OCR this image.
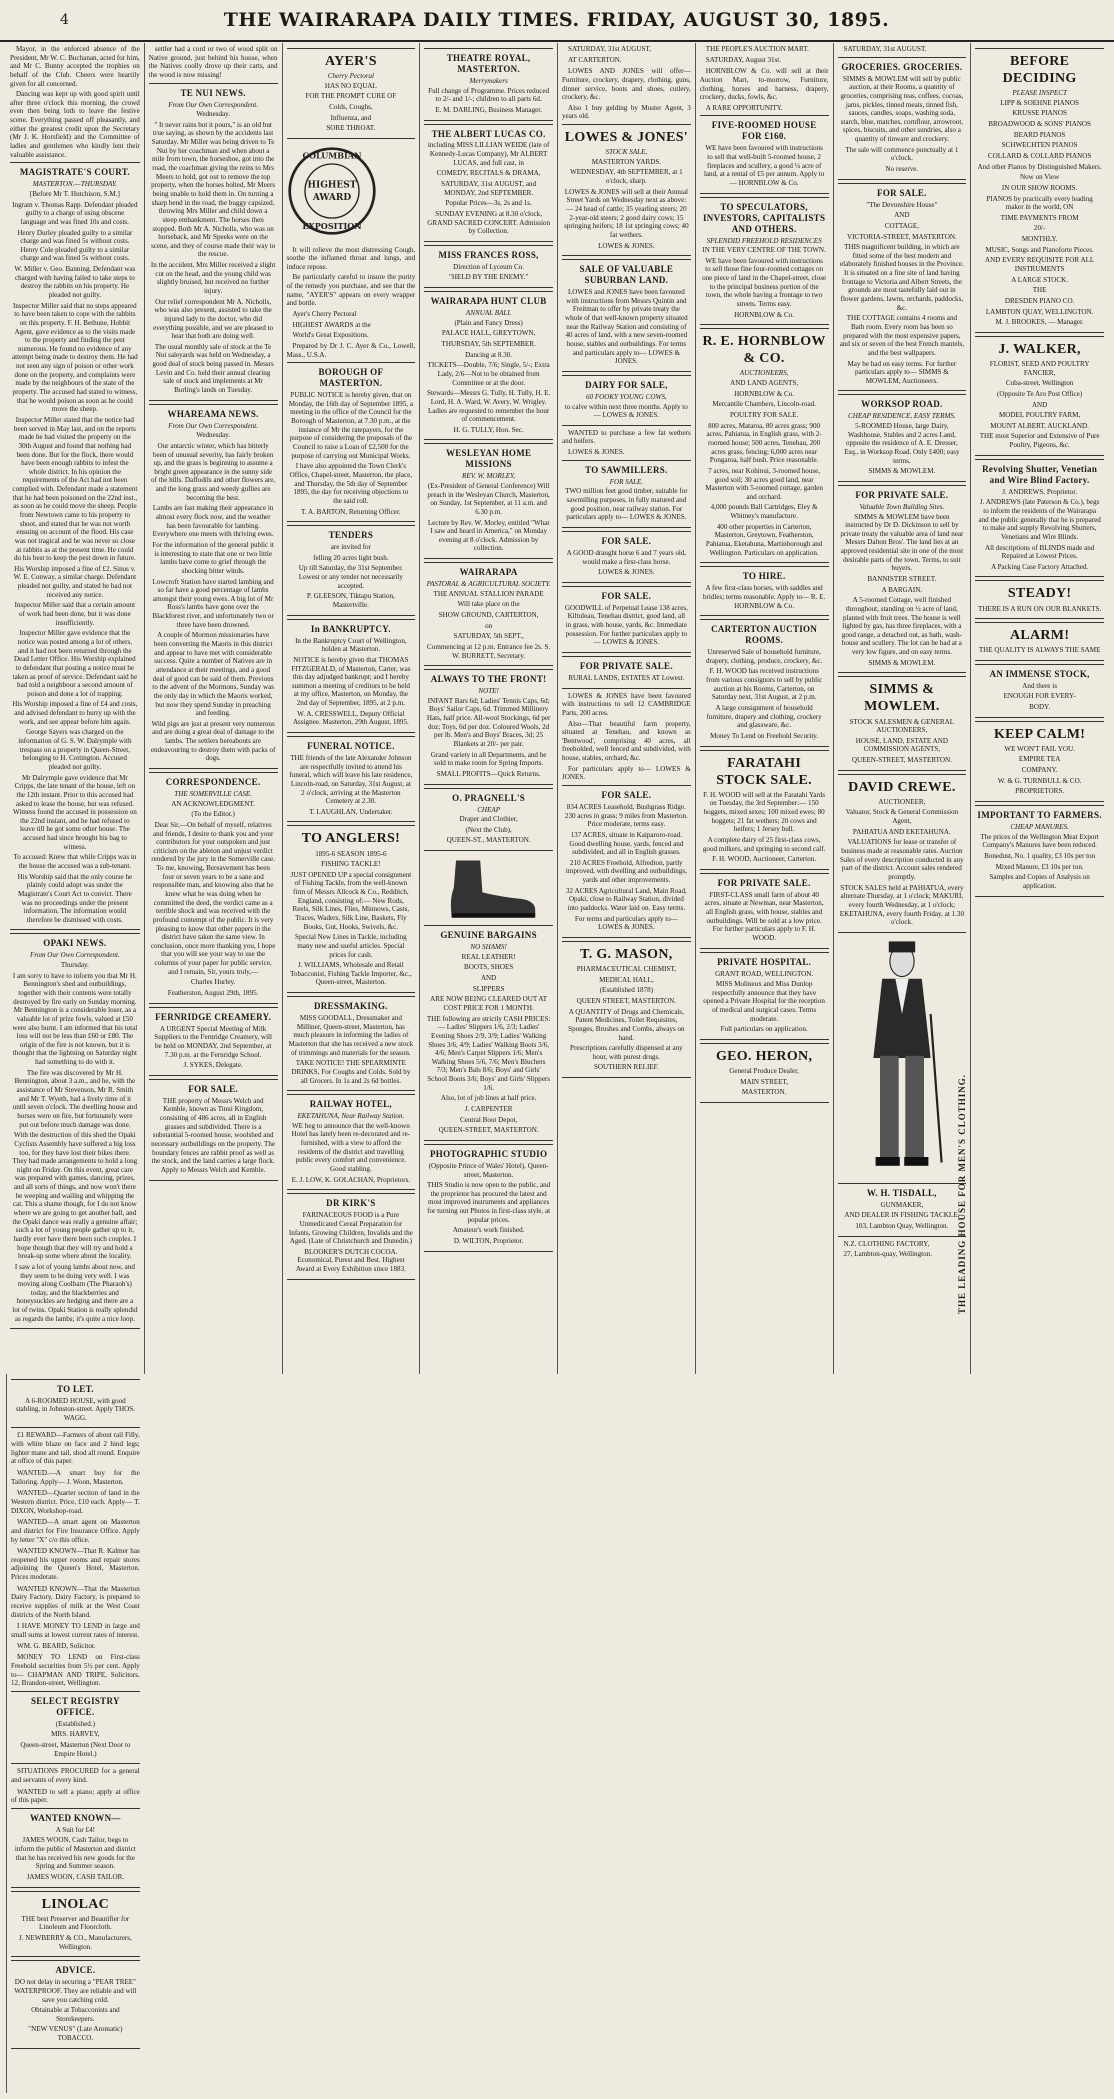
4	THE WAIRARAPA DAILY TIMES. FRIDAY, AUGUST 30, 1895.

Mayor, in the enforced absence of the President, Mr W. C. Buchanan, acted for him, and Mr C. Bunny accepted the trophies on behalf of the Club. Cheers were heartily given for all concerned.

Dancing was kept up with good spirit until after three o'clock this morning, the crowd even then being loth to leave the festive scene. Everything passed off pleasantly, and either the greatest credit upon the Secretary (Mr J. K. Horsfield) and the Committee of ladies and gentlemen who kindly lent their valuable assistance.

MAGISTRATE'S COURT.
MASTERTON.—THURSDAY.

[Before Mr T. Hutchison, S.M.]

Ingram v. Thomas Rapp. Defendant pleaded guilty to a charge of using obscene language and was fined 10s and costs.

Henry Durley pleaded guilty to a similar charge and was fined 5s without costs. Henry Cole pleaded guilty to a similar charge and was fined 5s without costs.

W. Miller v. Geo. Banning. Defendant was charged with having failed to take steps to destroy the rabbits on his property. He pleaded not guilty.

Inspector Miller said that no steps appeared to have been taken to cope with the rabbits on this property. F. H. Bethune, Hobbit Agent, gave evidence as to the visits made to the property and finding the pest numerous. He found no evidence of any attempt being made to destroy them. He had not seen any sign of poison or other work done on the property, and complaints were made by the neighbours of the state of the property. The accused had stated to witness, that he would poison as soon as he could move the sheep.

Inspector Miller stated that the notice had been served in May last, and on the reports made he had visited the property on the 30th August and found that nothing had been done. But for the flock, there would have been enough rabbits to infest the whole district. In his opinion the requirements of the Act had not been complied with. Defendant made a statement that he had been poisoned on the 22nd inst., as soon as he could move the sheep. People from Newtown came to his property to shoot, and stated that he was not worth ensuing on account of the flood. His case was not tragical and he was never so close at rabbits as at the present time. He could do his best to keep the pest down in future.

His Worship imposed a fine of £2. Sinus v. W. E. Conway, a similar charge. Defendant pleaded not guilty, and stated he had not received any notice.

Inspector Miller said that a certain amount of work had been done, but it was done insufficiently.

Inspector Miller gave evidence that the notice was posted among a lot of others, and it had not been returned through the Dead Letter Office. His Worship explained to defendant that posting a notice must be taken as proof of service. Defendant said he had told a neighbour a second amount of poison and done a lot of trapping.

His Worship imposed a fine of £4 and costs, and advised defendant to hurry up with the work, and see appear before him again.

George Sayers was charged on the information of G. S. W. Dalrymple with trespass on a property in Queen-Street, belonging to H. Cottington. Accused pleaded not guilty.

Mr Dalrymple gave evidence that Mr Cripps, the late tenant of the house, left on the 12th instant. Prior to this accused had asked to lease the house, but was refused. Witness found the accused in possession on the 22nd instant, and he had refused to leave till he got some other house. The accused had since brought his bag to witness.

To accused: Knew that while Cripps was in the house the accused was a sub-tenant.

His Worship said that the only course he plainly could adopt was under the Magistrate's Court Act to convict. There was no proceedings under the present information. The information would therefore be dismissed with costs.

OPAKI NEWS.
From Our Own Correspondent.

Thursday.

I am sorry to have to inform you that Mr H. Bennington's shed and outbuildings, together with their contents were totally destroyed by fire early on Sunday morning. Mr Bennington is a considerable loser, as a valuable lot of prize fowls, valued at £50 were also burnt. I am informed that his total loss will not be less than £60 or £80. The origin of the fire is not known, but it is thought that the lightning on Saturday night had something to do with it.

The fire was discovered by Mr H. Bennington, about 3 a.m., and he, with the assistance of Mr Stevenson, Mr R. Smith and Mr T. Wyeth, had a lively time of it until seven o'clock. The dwelling house and horses were on fire, but fortunately were put out before much damage was done.

With the destruction of this shed the Opaki Cyclists Assembly have suffered a big loss too, for they have lost their bikes there. They had made arrangements to hold a long night on Friday. On this event, great care was prepared with games, dancing, prizes, and all sorts of things, and now won't there be weeping and wailing and whipping the cat. This a shame though, for I do not know where we are going to get another hall, and the Opaki dance was really a genuine affair; such a lot of young people gather up to it, hardly ever have there been such couples. I hope though that they will try and hold a break-up some where about the locality.

I saw a lot of young lambs about now, and they seem to be doing very well. I was moving along Coolbarn (The Pharaoh's) today, and the blackberries and honeysuckles are hedging and there are a lot of twins. Opaki Station is really splendid as regards the lambs; it's quite a nice loop.

settler had a cord or two of wood split on Native ground, just behind his house, when the Natives coolly drove up their carts, and the wood is now missing!

TE NUI NEWS.
From Our Own Correspondent.

Wednesday.

" It never rains but it pours," is an old but true saying, as shown by the accidents last Saturday. Mr Miller was being driven to Te Nui by her coachman and when about a mile from town, the horseshoe, got into the road, the coachman giving the reins to Mrs Meers to hold, got out to remove the top property, when the horses bolted, Mr Meers being unable to hold them in. On turning a sharp bend in the road, the buggy capsized, throwing Mrs Miller and child down a steep embankment. The horses then stopped. Both Mr A. Nicholls, who was on horseback, and Mr Speeks were on the scene, and they of course made their way to the rescue.

In the accident, Mrs Miller received a slight cut on the head, and the young child was slightly bruised, but received no further injury.

Our relief correspondent Mr A. Nicholls, who was also present, assisted to take the injured lady to the doctor, who did everything possible, and we are pleased to hear that both are doing well.

The usual monthly sale of stock at the Te Nui saleyards was held on Wednesday, a good deal of stock being passed in. Messrs Levin and Co. held their annual clearing sale of stock and implements at Mr Burling's lands on Tuesday.

WHAREAMA NEWS.
From Our Own Correspondent.

Wednesday.

Our antarctic winter, which has bitterly been of unusual severity, has fairly broken up, and the grass is beginning to assume a bright green appearance in the sunny side of the hills. Daffodils and other flowers are, and the long grass and weedy gullies are becoming the best.

Lambs are fast making their appearance in almost every flock now, and the weather has been favourable for lambing. Everywhere one meets with thriving ewes.

For the information of the general public it is interesting to state that one or two little lambs have come to grief through the shocking bitter winds.

Lowcroft Station have started lambing and so far have a good percentage of lambs amongst their young ewes. A big lot of Mr Ross's lambs have gone over the Blackforest river, and unfortunately two or three have been drowned.

A couple of Mormon missionaries have been converting the Maoris in this district and appear to have met with considerable success. Quite a number of Natives are in attendance at their meetings, and a good deal of good can be said of them. Previous to the advent of the Mormons, Sunday was the only day in which the Maoris worked, but now they spend Sunday in preaching and feeding.

Wild pigs are just at present very numerous and are doing a great deal of damage to the lambs. The settlers hereabouts are endeavouring to destroy them with packs of dogs.

CORRESPONDENCE.
THE SOMERVILLE CASE.

AN ACKNOWLEDGMENT.

(To the Editor.)

Dear Sir,—On behalf of myself, relatives and friends, I desire to thank you and your contributors for your outspoken and just criticism on the ableton and unjust verdict rendered by the jury in the Somerville case. To me, knowing, Bereavement has been four or seven years to be a sane and responsible man, and knowing also that he knew what he was doing when he committed the deed, the verdict came as a terrible shock and was received with the profound contempt of the public. It is very pleasing to know that other papers in the district have taken the same view. In conclusion, once more thanking you, I hope that you will see your way to use the columns of your paper for public service, and I remain, Sir, yours truly,—

Charles Hurley.

Featherston, August 29th, 1895.

FERNRIDGE CREAMERY.

A URGENT Special Meeting of Milk Suppliers to the Fernridge Creamery, will be held on MONDAY, 2nd September, at 7.30 p.m. at the Fernridge School.

J. SYKES, Delegate.

FOR SALE.

THE property of Messrs Welch and Kemble, known as Tinui Kingdom, consisting of 486 acres, all in English grasses and subdivided. There is a substantial 5-roomed house, woolshed and necessary outbuildings on the property. The boundary fences are rabbit proof as well as the stock, and the land carries a large flock. Apply to Messrs Welch and Kemble.

AYER'S
Cherry Pectoral

HAS NO EQUAL

FOR THE PROMPT CURE OF

Colds, Coughs,

Influenza, and

SORE THROAT.

COLUMBIAN
EXPOSITION
HIGHEST
AWARD

It will relieve the most distressing Cough, soothe the inflamed throat and lungs, and induce repose.

Be particularly careful to insure the purity of the remedy you purchase, and see that the name, "AYER'S" appears on every wrapper and bottle.

Ayer's Cherry Pectoral

HIGHEST AWARDS at the

World's Great Expositions.

Prepared by Dr J. C. Ayer & Co., Lowell, Mass., U.S.A.

BOROUGH OF MASTERTON.

PUBLIC NOTICE is hereby given, that on Monday, the 16th day of September 1895, a meeting in the office of the Council for the Borough of Masterton, at 7.30 p.m., at the instance of Mr the ratepayers, for the purpose of considering the proposals of the Council to raise a Loan of £2,500 for the purpose of carrying out Municipal Works.

I have also appointed the Town Clerk's Office, Chapel-street, Masterton, the place, and Thursday, the 5th day of September 1895, the day for receiving objections to the said roll.

T. A. BARTON, Returning Officer.

TENDERS

are invited for

felling 20 acres light bush.

Up till Saturday, the 31st September. Lowest or any tender not necessarily accepted.

P. GLEESON, Tiktapu Station, Mastertville.

In BANKRUPTCY.

In the Bankruptcy Court of Wellington, holden at Masterton.

NOTICE is hereby given that THOMAS FITZGERALD, of Masterton, Carter, was this day adjudged bankrupt; and I hereby summon a meeting of creditors to be held at my office, Masterton, on Monday, the 2nd day of September, 1895, at 2 p.m.

W. A. CRESSWELL, Deputy Official Assignee. Masterton, 29th August, 1895.

FUNERAL NOTICE.

THE friends of the late Alexander Johnson are respectfully invited to attend his funeral, which will leave his late residence, Lincoln-road, on Saturday, 31st August, at 2 o'clock, arriving at the Masterton Cemetery at 2.30.

T. LAUGHLAN, Undertaker.

TO ANGLERS!

1895-6 SEASON 1895-6

FISHING TACKLE!

JUST OPENED UP a special consignment of Fishing Tackle, from the well-known firm of Messrs Allcock & Co., Redditch, England, consisting of:— New Rods, Reels, Silk Lines, Flies, Minnows, Casts, Traces, Waders, Silk Line, Baskets, Fly Books, Gut, Hooks, Swivels, &c.

Special New Lines in Tackle, including many new and useful articles. Special prices for cash.

J. WILLIAMS, Wholesale and Retail Tobacconist, Fishing Tackle Importer, &c., Queen-street, Masterton.

DRESSMAKING.

MISS GOODALL, Dressmaker and Milliner, Queen-street, Masterton, has much pleasure in informing the ladies of Masterton that she has received a new stock of trimmings and materials for the season.

TAKE NOTICE! THE SPEARMINTE DRINKS, For Coughs and Colds. Sold by all Grocers. In 1s and 2s 6d bottles.

RAILWAY HOTEL,
EKETAHUNA, Near Railway Station.

WE beg to announce that the well-known Hotel has lately been re-decorated and re-furnished, with a view to afford the residents of the district and travelling public every comfort and convenience. Good stabling.

E. J. LOW, K. GOLACHAN, Proprietors.

DR KIRK'S

FARINACEOUS FOOD is a Pure Unmedicated Cereal Preparation for Infants, Growing Children, Invalids and the Aged. (Late of Christchurch and Dunedin.)

BLOOKER'S DUTCH COCOA. Economical, Purest and Best. Highest Award at Every Exhibition since 1883.

THEATRE ROYAL, MASTERTON.
Merrymakers

Full change of Programme. Prices reduced to 2/- and 1/-; children to all parts 6d.

E. M. DARLING, Business Manager.

THE ALBERT LUCAS CO.

including MISS LILLIAN WEIDE (late of Kennedy-Lucas Company), Mr ALBERT LUCAS, and full cast, in

COMEDY, RECITALS & DRAMA,

SATURDAY, 31st AUGUST, and MONDAY, 2nd SEPTEMBER.

Popular Prices—3s, 2s and 1s.

SUNDAY EVENING at 8.30 o'clock, GRAND SACRED CONCERT. Admission by Collection.

MISS FRANCES ROSS,

Direction of Lyceum Co.

"HELD BY THE ENEMY."

WAIRARAPA HUNT CLUB
ANNUAL BALL

(Plain and Fancy Dress)

PALACE HALL, GREYTOWN,

THURSDAY, 5th SEPTEMBER.

Dancing at 8.30.

TICKETS—Double, 7/6; Single, 5/-; Extra Lady, 2/6—Not to be obtained from Committee or at the door.

Stewards—Messrs G. Tully, H. Tully, H. E. Lord, H. A. Ward, W. Avery, W. Wrigley. Ladies are requested to remember the hour of commencement.

H. G. TULLY, Hon. Sec.

WESLEYAN HOME MISSIONS
REV. W. MORLEY,

(Ex-President of General Conference) Will preach in the Wesleyan Church, Masterton, on Sunday, 1st September, at 11 a.m. and 6.30 p.m.

Lecture by Rev. W. Morley, entitled "What I saw and heard in America," on Monday evening at 8 o'clock. Admission by collection.

WAIRARAPA
PASTORAL & AGRICULTURAL SOCIETY.

THE ANNUAL STALLION PARADE

Will take place on the

SHOW GROUND, CARTERTON,

on

SATURDAY, 5th SEPT.,

Commencing at 12 p.m. Entrance fee 2s. S. W. BURRETT, Secretary.

ALWAYS TO THE FRONT!
NOTE!

INFANT Bars 6d; Ladies' Tennis Caps, 6d; Boys' Sailor Caps, 6d. Trimmed Millinery Hats, half price. All-wool Stockings, 6d per doz; Toys, 6d per doz. Coloured Wools, 2d per lb. Men's and Boys' Braces, 3d; 25 Blankets at 20/- per pair.

Grand variety in all Departments, and be sold to make room for Spring Imports.

SMALL PROFITS—Quick Returns.

O. PRAGNELL'S
CHEAP

Draper and Clothier,

(Next the Club),

QUEEN-ST., MASTERTON.

GENUINE BARGAINS
NO SHAMS!

REAL LEATHER!

BOOTS, SHOES

AND

SLIPPERS

ARE NOW BEING CLEARED OUT AT COST PRICE FOR 1 MONTH.

THE following are strictly CASH PRICES:— Ladies' Slippers 1/6, 2/3; Ladies' Evening Shoes 2/9, 3/9; Ladies' Walking Shoes 3/6, 4/9; Ladies' Walking Boots 3/6, 4/6; Men's Carpet Slippers 1/6; Men's Walking Shoes 5/6, 7/6; Men's Bluchers 7/3; Men's Bals 8/6; Boys' and Girls' School Boots 3/6; Boys' and Girls' Slippers 1/6.

Also, lot of job lines at half price.

J. CARPENTER

Central Boot Depot,

QUEEN-STREET, MASTERTON.

PHOTOGRAPHIC STUDIO

(Opposite Prince of Wales' Hotel), Queen-street, Masterton.

THIS Studio is now open to the public, and the proprietor has procured the latest and most improved instruments and appliances for turning out Photos in first-class style, at popular prices.

Amateur's work finished.

D. WILTON, Proprietor.

SATURDAY, 31st AUGUST,

AT CARTERTON.

LOWES AND JONES will offer— Furniture, crockery, drapery, clothing, guns, dinner service, boots and shoes, cutlery, crockery, &c.

Also 1 buy gelding by Muster Agent, 3 years old.

LOWES & JONES'
STOCK SALE,

MASTERTON YARDS.

WEDNESDAY, 4th SEPTEMBER, at 1 o'clock, sharp.

LOWES & JONES will sell at their Annual Street Yards on Wednesday next as above:— 24 head of cattle; 35 yearling steers; 20 2-year-old steers; 2 good dairy cows; 15 springing heifers; 18 1st springing cows; 40 fat wethers.

LOWES & JONES.

SALE OF VALUABLE SUBURBAN LAND.

LOWES and JONES have been favoured with instructions from Messrs Quintin and Freitman to offer by private treaty the whole of that well-known property situated near the Railway Station and consisting of 40 acres of land, with a new seven-roomed house, stables and outbuildings. For terms and particulars apply to— LOWES & JONES.

DAIRY FOR SALE,
60 FOOKY YOUNG COWS,

to calve within next three months. Apply to— LOWES & JONES.

WANTED to purchase a few fat wethers and heifers.

LOWES & JONES.

TO SAWMILLERS.
FOR SALE.

TWO million feet good timber, suitable for sawmilling purposes, in fully matured and good position, near railway station. For particulars apply to— LOWES & JONES.

FOR SALE.

A GOOD draught horse 6 and 7 years old, would make a first-class horse.

LOWES & JONES.

FOR SALE.

GOODWILL of Perpetual Lease 138 acres, Kiltuleau, Tenehau district, good land, all in grass, with house, yards, &c. Immediate possession. For further particulars apply to— LOWES & JONES.

FOR PRIVATE SALE.

RURAL LANDS, ESTATES AT Lowest.

LOWES & JONES have been favoured with instructions to sell 12 CAMBRIDGE Parts, 200 acres.

Also—That beautiful farm property, situated at Tenehau, and known as 'Bentwood', comprising 40 acres, all freeholded, well fenced and subdivided, with house, stables, orchard, &c.

For particulars apply to— LOWES & JONES.

FOR SALE.

834 ACRES Leasehold, Bushgrass Ridge. 230 acres in grass; 9 miles from Masterton. Price moderate, terms easy.

137 ACRES, situate in Kaiparoro-road. Good dwelling house, yards, fenced and subdivided, and all in English grasses.

210 ACRES Freehold, Alfredton, partly improved, with dwelling and outbuildings, yards and other improvements.

32 ACRES Agricultural Land, Main Road, Opaki, close to Railway Station, divided into paddocks. Water laid on. Easy terms.

For terms and particulars apply to— LOWES & JONES.

T. G. MASON,

PHARMACEUTICAL CHEMIST,

MEDICAL HALL,

(Established 1878)

QUEEN STREET, MASTERTON.

A QUANTITY of Drugs and Chemicals, Patent Medicines, Toilet Requisites, Sponges, Brushes and Combs, always on hand.

Prescriptions carefully dispensed at any hour, with purest drugs.

SOUTHERN RELIEF.

THE PEOPLE'S AUCTION MART.

SATURDAY, August 31st.

HORNBLOW & Co. will sell at their Auction Mart, to-morrow, Furniture, clothing, horses and harness, drapery, crockery, ducks, fowls, &c.

A RARE OPPORTUNITY.

FIVE-ROOMED HOUSE FOR £160.

WE have been favoured with instructions to sell that well-built 5-roomed house, 2 fireplaces and scullery, a good ¼ acre of land, at a rental of £5 per annum. Apply to— HORNBLOW & Co.

TO SPECULATORS, INVESTORS, CAPITALISTS AND OTHERS.
SPLENDID FREEHOLD RESIDENCES

IN THE VERY CENTRE OF THE TOWN.

WE have been favoured with instructions to sell those fine four-roomed cottages on one piece of land in the Chapel-street, close to the principal business portion of the town, the whole having a frontage to two streets. Terms easy.

HORNBLOW & Co.

R. E. HORNBLOW & CO.
AUCTIONEERS,

AND LAND AGENTS,

HORNBLOW & Co.

Mercantile Chambers, Lincoln-road.

POULTRY FOR SALE.

800 acres, Mataroa, 80 acres grass; 900 acres, Pahiatua, in English grass, with 2-roomed house; 500 acres, Tenehau, 200 acres grass, fencing; 6,000 acres near Pongaroa, half bush. Price reasonable.

7 acres, near Kohinui, 3-roomed house, good soil; 30 acres good land, near Masterton with 5-roomed cottage, garden and orchard.

4,000 pounds Ball Cartridges, Eley & Whitney's manufacture.

400 other properties in Carterton, Masterton, Greytown, Featherston, Pahiatua, Eketahuna, Martinborough and Wellington. Particulars on application.

TO HIRE.

A few first-class horses, with saddles and bridles; terms reasonable. Apply to— R. E. HORNBLOW & Co.

CARTERTON AUCTION ROOMS.

Unreserved Sale of household furniture, drapery, clothing, produce, crockery, &c.

F. H. WOOD has received instructions from various consignors to sell by public auction at his Rooms, Carterton, on Saturday next, 31st August, at 2 p.m.

A large consignment of household furniture, drapery and clothing, crockery and glassware, &c.

Money To Lend on Freehold Security.

FARATAHI STOCK SALE.

F. H. WOOD will sell at the Faratahi Yards on Tuesday, the 3rd September:— 150 hoggets, mixed sexes; 100 mixed ewes; 80 hoggets; 21 fat wethers; 20 cows and heifers; 1 Jersey bull.

A complete dairy of 25 first-class cows, good milkers, and springing to second calf.

F. H. WOOD, Auctioneer, Carterton.

FOR PRIVATE SALE.

FIRST-CLASS small farm of about 40 acres, situate at Newman, near Masterton, all English grass, with house, stables and outbuildings. Will be sold at a low price. For further particulars apply to F. H. WOOD.

PRIVATE HOSPITAL.

GRANT ROAD, WELLINGTON.

MISS Molineux and Miss Dunlop respectfully announce that they have opened a Private Hospital for the reception of medical and surgical cases. Terms moderate.

Full particulars on application.

GEO. HERON,

General Produce Dealer,

MAIN STREET,

MASTERTON.

SATURDAY, 31st AUGUST.

GROCERIES. GROCERIES.

SIMMS & MOWLEM will sell by public auction, at their Rooms, a quantity of groceries, comprising teas, coffees, cocoas, jams, pickles, tinned meats, tinned fish, sauces, candles, soaps, washing soda, starch, blue, matches, cornflour, arrowroot, spices, biscuits, and other sundries, also a quantity of tinware and crockery.

The sale will commence punctually at 1 o'clock.

No reserve.

FOR SALE.

"The Devonshire House"

AND

COTTAGE,

VICTORIA-STREET, MASTERTON.

THIS magnificent building, in which are fitted some of the best modern and elaborately finished houses in the Province. It is situated on a fine site of land having frontage to Victoria and Albert Streets, the grounds are most tastefully laid out in flower gardens, lawns, orchards, paddocks, &c.

THE COTTAGE contains 4 rooms and Bath room. Every room has been so prepared with the most expensive papers, and six or seven of the best French mantels, and the best wallpapers.

May be had on easy terms. For further particulars apply to— SIMMS & MOWLEM, Auctioneers.

WORKSOP ROAD.
CHEAP RESIDENCE, EASY TERMS.

5-ROOMED House, large Dairy, Washhouse, Stables and 2 acres Land, opposite the residence of A. E. Dresser, Esq., in Worksop Road. Only £400; easy terms.

SIMMS & MOWLEM.

FOR PRIVATE SALE.
Valuable Town Building Sites.

SIMMS & MOWLEM have been instructed by Dr D. Dickinson to sell by private treaty the valuable area of land near Messrs Dalton Bros'. The land lies at an approved residential site in one of the most desirable parts of the town. Terms, to suit buyers.

BANNISTER STREET.

A BARGAIN.

A 5-roomed Cottage, well finished throughout, standing on ½ acre of land, planted with fruit trees. The house is well lighted by gas, has three fireplaces, with a good range, a detached out, as bath, wash-house and scullery. The lot can be had at a very low figure, and on easy terms.

SIMMS & MOWLEM.

SIMMS & MOWLEM.

STOCK SALESMEN & GENERAL AUCTIONEERS,

HOUSE, LAND, ESTATE AND COMMISSION AGENTS,

QUEEN-STREET, MASTERTON.

DAVID CREWE.

AUCTIONEER,

Valuator, Stock & General Commission Agent,

PAHIATUA AND EKETAHUNA.

VALUATIONS for lease or transfer of business made at reasonable rates. Auction Sales of every description conducted in any part of the district. Account sales rendered promptly.

STOCK SALES held at PAHIATUA, every alternate Thursday, at 1 o'clock; MAKURI, every fourth Wednesday, at 1 o'clock; EKETAHUNA, every fourth Friday, at 1.30 o'clock.

W. H. TISDALL,

GUNMAKER,

AND DEALER IN FISHING TACKLE,

103, Lambton Quay, Wellington.

N.Z. CLOTHING FACTORY,

27, Lambton-quay, Wellington.	THE LEADING HOUSE FOR MEN'S CLOTHING.
BEFORE DECIDING
PLEASE INSPECT

LIPP & SOEHNE PIANOS

KRUSSE PIANOS

BROADWOOD & SONS' PIANOS

BEARD PIANOS

SCHWECHTEN PIANOS

COLLARD & COLLARD PIANOS

And other Pianos by Distinguished Makers.

Now on View

IN OUR SHOW ROOMS.

PIANOS by practically every leading maker in the world, ON

TIME PAYMENTS FROM

20/-

MONTHLY.

MUSIC, Songs and Pianoforte Pieces.

AND EVERY REQUISITE FOR ALL INSTRUMENTS

A LARGE STOCK.

THE

DRESDEN PIANO CO.

LAMBTON QUAY, WELLINGTON.

M. J. BROOKES, — Manager.

J. WALKER,

FLORIST, SEED AND POULTRY FANCIER,

Cuba-street, Wellington

(Opposite Te Aro Post Office)

AND

MODEL POULTRY FARM,

MOUNT ALBERT, AUCKLAND.

THE most Superior and Extensive of Pure Poultry, Pigeons, &c.

Revolving Shutter, Venetian and Wire Blind Factory.

J. ANDREWS, Proprietor.

J. ANDREWS (late Paterson & Co.), begs to inform the residents of the Wairarapa and the public generally that he is prepared to make and supply Revolving Shutters, Venetians and Wire Blinds.

All descriptions of BLINDS made and Repaired at Lowest Prices.

A Packing Case Factory Attached.

STEADY!

THERE IS A RUN ON OUR BLANKETS.

ALARM!

THE QUALITY IS ALWAYS THE SAME

AN IMMENSE STOCK,

And there is

ENOUGH FOR EVERY-

BODY.

KEEP CALM!

WE WON'T FAIL YOU.

EMPIRE TEA

COMPANY.

W. & G. TURNBULL & CO.

PROPRIETORS.

IMPORTANT TO FARMERS.
CHEAP MANURES.

The prices of the Wellington Meat Export Company's Manures have been reduced.

Bonedust, No. 1 quality, £3 10s per ton

Mixed Manure, £3 10s per ton.

Samples and Copies of Analysis on application.

TO LET.

A 6-ROOMED HOUSE, with good stabling, in Johnston-street. Apply THOS. WAGG.

£1 REWARD—Farmers of about rail Filly, with white blaze on face and 2 hind legs; lighter mane and tail, shod all round. Enquire at office of this paper.

WANTED.—A smart boy for the Tailoring. Apply— J. Woon, Masterton.

WANTED—Quarter section of land in the Western district. Price, £10 each. Apply— T. DIXON, Workshop-road.

WANTED—A smart agent on Masterton and district for Fire Insurance Office. Apply by letter "X" c/o this office.

WANTED KNOWN—That R. Kalmer has reopened his upper rooms and repair stores adjoining the Queen's Hotel, Masterton. Prices moderate.

WANTED KNOWN—That the Masterton Dairy Factory, Dairy Factory, is prepared to receive supplies of milk at the West Coast districts of the North Island.

I HAVE MONEY TO LEND in large and small sums at lowest current rates of interest.

WM. G. BEARD, Solicitor.

MONEY TO LEND on First-class Freehold securities from 5½ per cent. Apply to— CHAPMAN AND TRIPE, Solicitors. 12, Brandon-street, Wellington.

SELECT REGISTRY OFFICE.

(Established.)

MRS. HARVEY,

Queen-street, Masterton (Next Door to Empire Hotel.)

SITUATIONS PROCURED for a general and servants of every kind.

WANTED to sell a piano; apply at office of this paper.

WANTED KNOWN—

A Suit for £4!

JAMES WOON, Cash Tailor, begs to inform the public of Masterton and district that he has received his new goods for the Spring and Summer season.

JAMES WOON, CASH TAILOR.

LINOLAC

THE best Preserver and Beautifier for Linoleum and Floorcloth.

J. NEWBERRY & CO., Manufacturers, Wellington.

ADVICE.

DO not delay in securing a "PEAR TREE" WATERPROOF. They are reliable and will save you catching cold.

Obtainable at Tobacconists and Storekeepers.

"NEW VENUS" (Late Aromatic) TOBACCO.
